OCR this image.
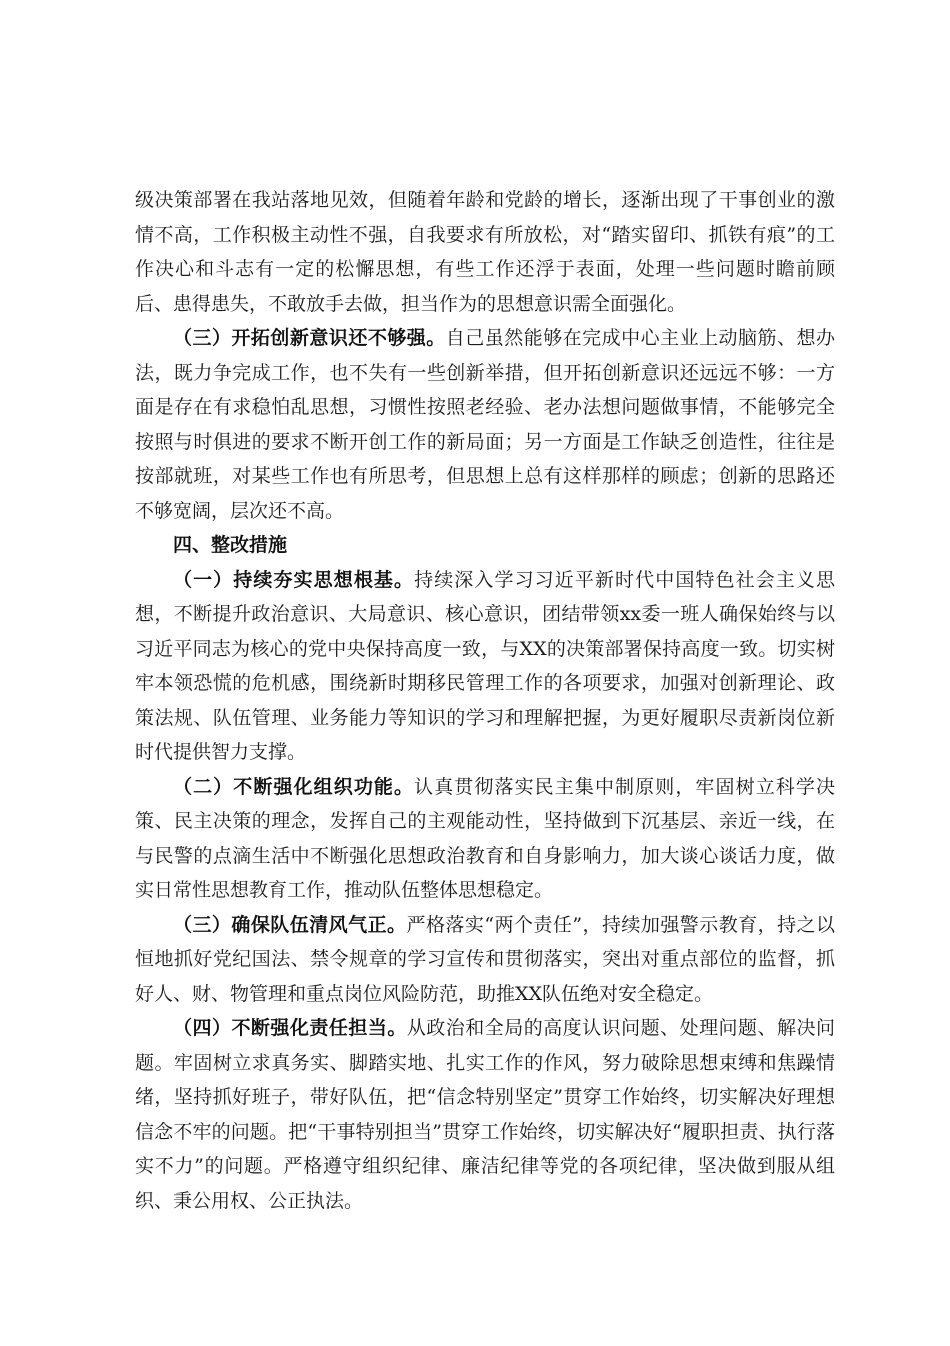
级决策部署在我站落地见效，但随着年龄和党龄的增长，逐渐出现了干事创业的激情不高，工作积极主动性不强，自我要求有所放松，对“踏实留印、抓铁有痕”的工作决心和斗志有一定的松懈思想，有些工作还浮于表面，处理一些问题时瞻前顾后、患得患失，不敢放手去做，担当作为的思想意识需全面强化。

（三）开拓创新意识还不够强。自己虽然能够在完成中心主业上动脑筋、想办法，既力争完成工作，也不失有一些创新举措，但开拓创新意识还远远不够：一方面是存在有求稳怕乱思想，习惯性按照老经验、老办法想问题做事情，不能够完全按照与时俱进的要求不断开创工作的新局面；另一方面是工作缺乏创造性，往往是按部就班，对某些工作也有所思考，但思想上总有这样那样的顾虑；创新的思路还不够宽阔，层次还不高。

四、整改措施

（一）持续夯实思想根基。持续深入学习习近平新时代中国特色社会主义思想，不断提升政治意识、大局意识、核心意识，团结带领xx委一班人确保始终与以习近平同志为核心的党中央保持高度一致，与XX的决策部署保持高度一致。切实树牢本领恐慌的危机感，围绕新时期移民管理工作的各项要求，加强对创新理论、政策法规、队伍管理、业务能力等知识的学习和理解把握，为更好履职尽责新岗位新时代提供智力支撑。

（二）不断强化组织功能。认真贯彻落实民主集中制原则，牢固树立科学决策、民主决策的理念，发挥自己的主观能动性，坚持做到下沉基层、亲近一线，在与民警的点滴生活中不断强化思想政治教育和自身影响力，加大谈心谈话力度，做实日常性思想教育工作，推动队伍整体思想稳定。

（三）确保队伍清风气正。严格落实“两个责任”，持续加强警示教育，持之以恒地抓好党纪国法、禁令规章的学习宣传和贯彻落实，突出对重点部位的监督，抓好人、财、物管理和重点岗位风险防范，助推XX队伍绝对安全稳定。

（四）不断强化责任担当。从政治和全局的高度认识问题、处理问题、解决问题。牢固树立求真务实、脚踏实地、扎实工作的作风，努力破除思想束缚和焦躁情绪，坚持抓好班子，带好队伍，把“信念特别坚定”贯穿工作始终，切实解决好理想信念不牢的问题。把“干事特别担当”贯穿工作始终，切实解决好“履职担责、执行落实不力”的问题。严格遵守组织纪律、廉洁纪律等党的各项纪律，坚决做到服从组织、秉公用权、公正执法。
